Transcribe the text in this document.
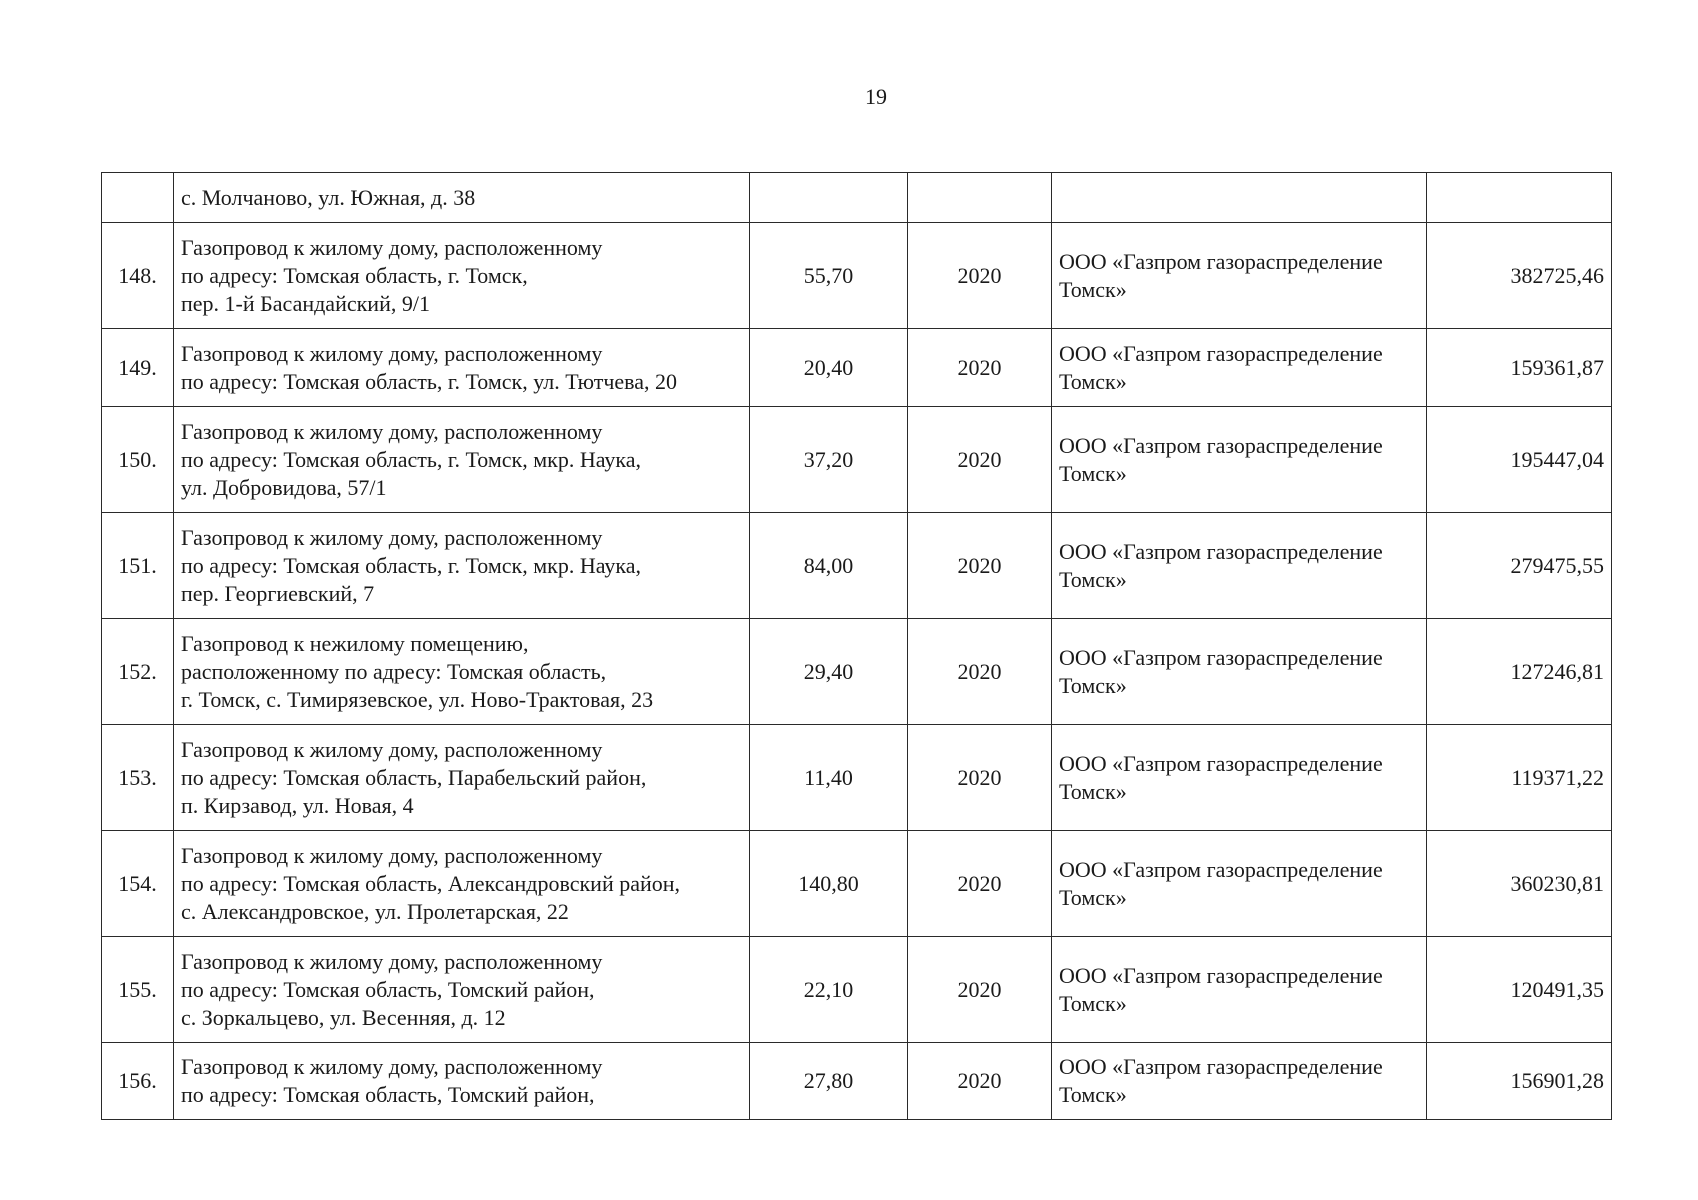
19

	с. Молчаново, ул. Южная, д. 38				

148.	Газопровод к жилому дому, расположенному
по адресу: Томская область, г. Томск,
пер. 1-й Басандайский, 9/1	55,70	2020	ООО «Газпром газораспределение
Томск»	382725,46
149.	Газопровод к жилому дому, расположенному
по адресу: Томская область, г. Томск, ул. Тютчева, 20	20,40	2020	ООО «Газпром газораспределение
Томск»	159361,87
150.	Газопровод к жилому дому, расположенному
по адресу: Томская область, г. Томск, мкр. Наука,
ул. Добровидова, 57/1	37,20	2020	ООО «Газпром газораспределение
Томск»	195447,04
151.	Газопровод к жилому дому, расположенному
по адресу: Томская область, г. Томск, мкр. Наука,
пер. Георгиевский, 7	84,00	2020	ООО «Газпром газораспределение
Томск»	279475,55
152.	Газопровод к нежилому помещению,
расположенному по адресу: Томская область,
г. Томск, с. Тимирязевское, ул. Ново-Трактовая, 23	29,40	2020	ООО «Газпром газораспределение
Томск»	127246,81
153.	Газопровод к жилому дому, расположенному
по адресу: Томская область, Парабельский район,
п. Кирзавод, ул. Новая, 4	11,40	2020	ООО «Газпром газораспределение
Томск»	119371,22
154.	Газопровод к жилому дому, расположенному
по адресу: Томская область, Александровский район,
с. Александровское, ул. Пролетарская, 22	140,80	2020	ООО «Газпром газораспределение
Томск»	360230,81
155.	Газопровод к жилому дому, расположенному
по адресу: Томская область, Томский район,
с. Зоркальцево, ул. Весенняя, д. 12	22,10	2020	ООО «Газпром газораспределение
Томск»	120491,35
156.	Газопровод к жилому дому, расположенному
по адресу: Томская область, Томский район,	27,80	2020	ООО «Газпром газораспределение
Томск»	156901,28
